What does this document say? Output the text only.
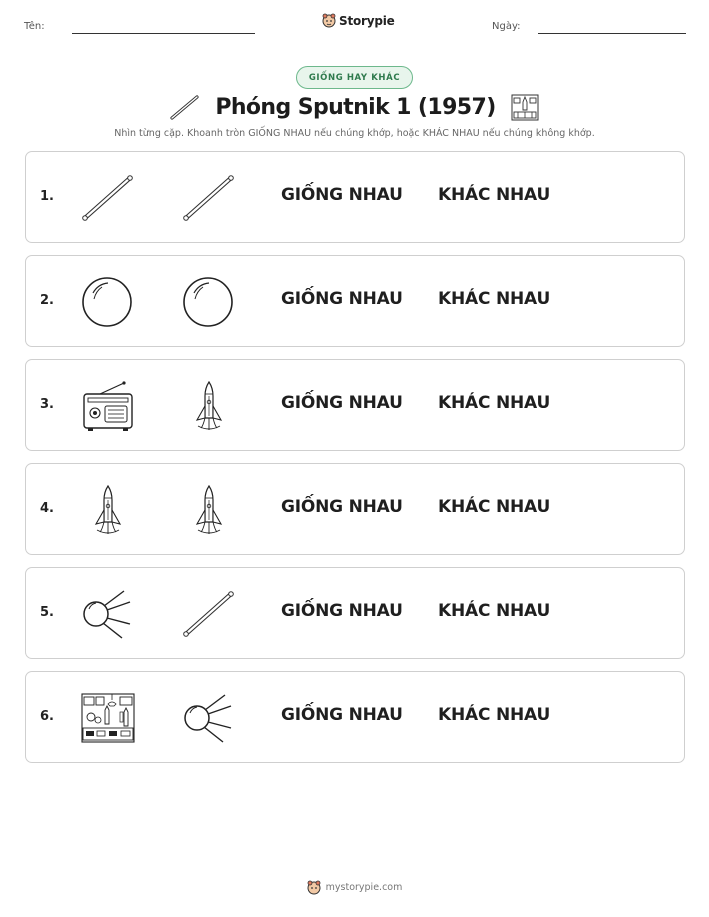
Tên:	Storypie	Ngày:
GIỐNG HAY KHÁC
Phóng Sputnik 1 (1957)
Nhìn từng cặp. Khoanh tròn GIỐNG NHAU nếu chúng khớp, hoặc KHÁC NHAU nếu chúng không khớp.
1.	GIỐNG NHAU KHÁC NHAU
2.	GIỐNG NHAU KHÁC NHAU
3.	GIỐNG NHAU KHÁC NHAU
4.	GIỐNG NHAU KHÁC NHAU
5.	GIỐNG NHAU KHÁC NHAU
6.	GIỐNG NHAU KHÁC NHAU
mystorypie.com
